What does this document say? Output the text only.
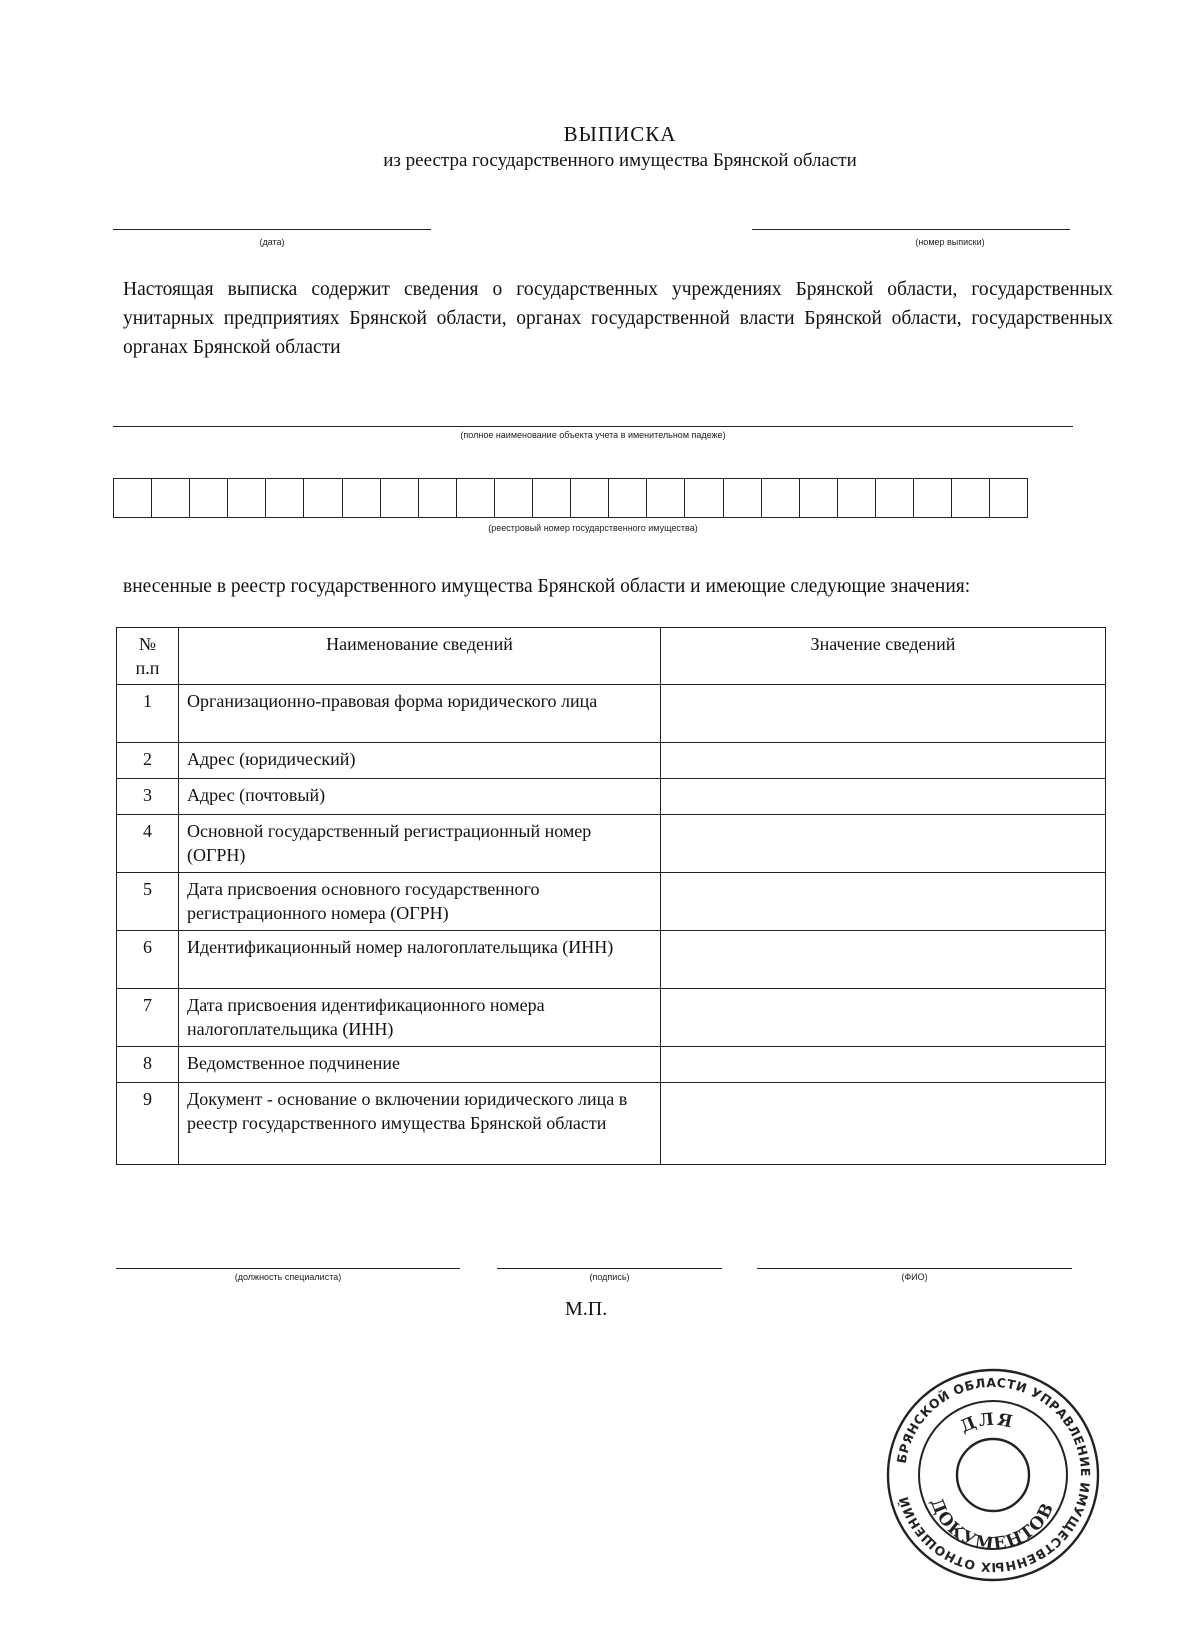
ВЫПИСКА
из реестра государственного имущества Брянской области
(дата)	(номер выписки)
Настоящая выписка содержит сведения о государственных учреждениях Брянской области, государственных унитарных предприятиях Брянской области, органах государственной власти Брянской области, государственных органах Брянской области
(полное наименование объекта учета в именительном падеже)
(реестровый номер государственного имущества)
внесенные в реестр государственного имущества Брянской области и имеющие следующие значения:
№ п.п	Наименование сведений	Значение сведений
1	Организационно-правовая форма юридического лица	
2	Адрес (юридический)	
3	Адрес (почтовый)	
4	Основной государственный регистрационный номер (ОГРН)	
5	Дата присвоения основного государственного регистрационного номера (ОГРН)	
6	Идентификационный номер налогоплательщика (ИНН)	
7	Дата присвоения идентификационного номера налогоплательщика (ИНН)	
8	Ведомственное подчинение	
9	Документ - основание о включении юридического лица в реестр государственного имущества Брянской области	
(должность специалиста)	(подпись)	(ФИО)
М.П.
БРЯНСКОЙ ОБЛАСТИ УПРАВЛЕНИЕ ИМУЩЕСТВЕННЫХ ОТНОШЕНИЙ
ДЛЯ
ДОКУМЕНТОВ
